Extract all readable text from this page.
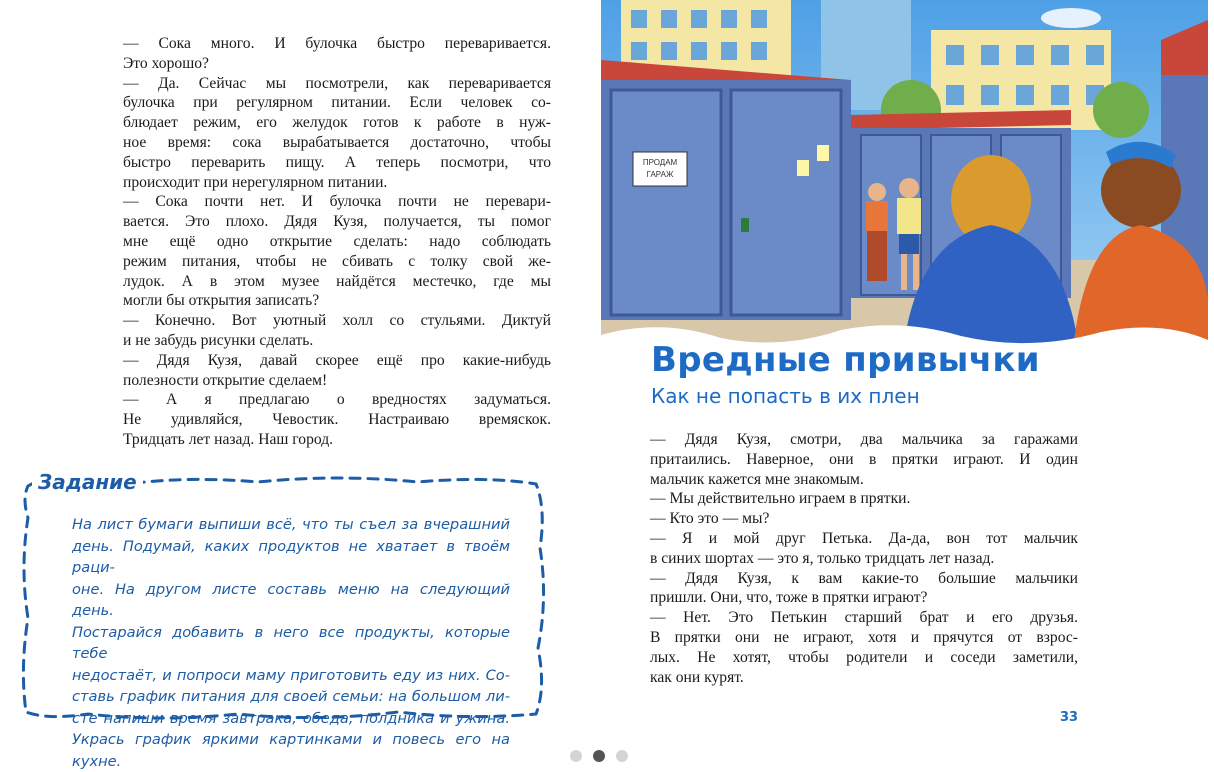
— Сока много. И булочка быстро переваривается.
Это хорошо?
— Да. Сейчас мы посмотрели, как переваривается
булочка при регулярном питании. Если человек со-
блюдает режим, его желудок готов к работе в нуж-
ное время: сока вырабатывается достаточно, чтобы
быстро переварить пищу. А теперь посмотри, что
происходит при нерегулярном питании.
— Сока почти нет. И булочка почти не перевари-
вается. Это плохо. Дядя Кузя, получается, ты помог
мне ещё одно открытие сделать: надо соблюдать
режим питания, чтобы не сбивать с толку свой же-
лудок. А в этом музее найдётся местечко, где мы
могли бы открытия записать?
— Конечно. Вот уютный холл со стульями. Диктуй
и не забудь рисунки сделать.
— Дядя Кузя, давай скорее ещё про какие-нибудь
полезности открытие сделаем!
— А я предлагаю о вредностях задуматься.
Не удивляйся, Чевостик. Настраиваю времяскок.
Тридцать лет назад. Наш город.
Задание
На лист бумаги выпиши всё, что ты съел за вчерашний
день. Подумай, каких продуктов не хватает в твоём раци-
оне. На другом листе составь меню на следующий день.
Постарайся добавить в него все продукты, которые тебе
недостаёт, и попроси маму приготовить еду из них. Со-
ставь график питания для своей семьи: на большом ли-
сте напиши время завтрака, обеда, полдника и ужина.
Укрась график яркими картинками и повесь его на кухне.
ПРОДАМ
ГАРАЖ
Вредные привычки
Как не попасть в их плен
— Дядя Кузя, смотри, два мальчика за гаражами
притаились. Наверное, они в прятки играют. И один
мальчик кажется мне знакомым.
— Мы действительно играем в прятки.
— Кто это — мы?
— Я и мой друг Петька. Да-да, вон тот мальчик
в синих шортах — это я, только тридцать лет назад.
— Дядя Кузя, к вам какие-то большие мальчики
пришли. Они, что, тоже в прятки играют?
— Нет. Это Петькин старший брат и его друзья.
В прятки они не играют, хотя и прячутся от взрос-
лых. Не хотят, чтобы родители и соседи заметили,
как они курят.
33
